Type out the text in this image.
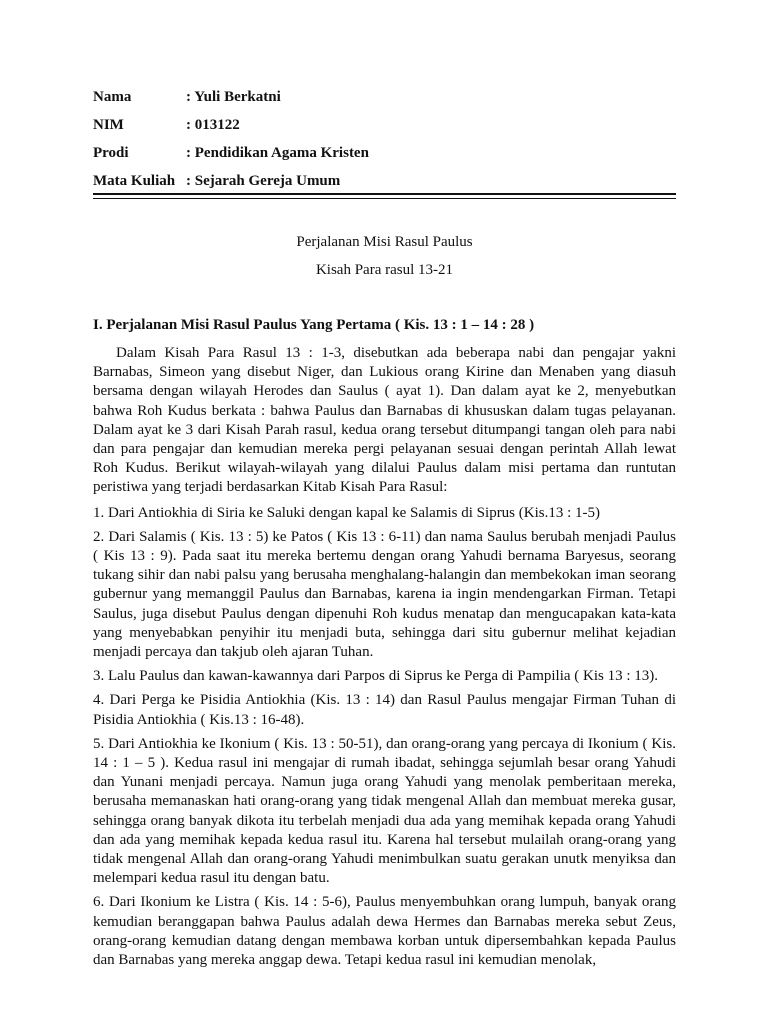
Nama	: Yuli Berkatni
NIM	: 013122
Prodi	: Pendidikan Agama Kristen
Mata Kuliah : Sejarah Gereja Umum
Perjalanan Misi Rasul Paulus
Kisah Para rasul 13-21
I. Perjalanan Misi Rasul Paulus Yang Pertama ( Kis. 13 : 1 – 14 : 28 )

Dalam Kisah Para Rasul 13 : 1-3, disebutkan ada beberapa nabi dan pengajar yakni Barnabas, Simeon yang disebut Niger, dan Lukious orang Kirine dan Menaben yang diasuh bersama dengan wilayah Herodes dan Saulus ( ayat 1). Dan dalam ayat ke 2, menyebutkan bahwa Roh Kudus berkata : bahwa Paulus dan Barnabas di khususkan dalam tugas pelayanan. Dalam ayat ke 3 dari Kisah Parah rasul, kedua orang tersebut ditumpangi tangan oleh para nabi dan para pengajar dan kemudian mereka pergi pelayanan sesuai dengan perintah Allah lewat Roh Kudus. Berikut wilayah-wilayah yang dilalui Paulus dalam misi pertama dan runtutan peristiwa yang terjadi berdasarkan Kitab Kisah Para Rasul:

1. Dari Antiokhia di Siria ke Saluki dengan kapal ke Salamis di Siprus (Kis.13 : 1-5)

2. Dari Salamis ( Kis. 13 : 5) ke Patos ( Kis 13 : 6-11) dan nama Saulus berubah menjadi Paulus ( Kis 13 : 9). Pada saat itu mereka bertemu dengan orang Yahudi bernama Baryesus, seorang tukang sihir dan nabi palsu yang berusaha menghalang-halangin dan membekokan iman seorang gubernur yang memanggil Paulus dan Barnabas, karena ia ingin mendengarkan Firman. Tetapi Saulus, juga disebut Paulus dengan dipenuhi Roh kudus menatap dan mengucapakan kata-kata yang menyebabkan penyihir itu menjadi buta, sehingga dari situ gubernur melihat kejadian menjadi percaya dan takjub oleh ajaran Tuhan.

3. Lalu Paulus dan kawan-kawannya dari Parpos di Siprus ke Perga di Pampilia ( Kis 13 : 13).

4. Dari Perga ke Pisidia Antiokhia (Kis. 13 : 14) dan Rasul Paulus mengajar Firman Tuhan di Pisidia Antiokhia ( Kis.13 : 16-48).

5. Dari Antiokhia ke Ikonium ( Kis. 13 : 50-51), dan orang-orang yang percaya di Ikonium ( Kis. 14 : 1 – 5 ). Kedua rasul ini mengajar di rumah ibadat, sehingga sejumlah besar orang Yahudi dan Yunani menjadi percaya. Namun juga orang Yahudi yang menolak pemberitaan mereka, berusaha memanaskan hati orang-orang yang tidak mengenal Allah dan membuat mereka gusar, sehingga orang banyak dikota itu terbelah menjadi dua ada yang memihak kepada orang Yahudi dan ada yang memihak kepada kedua rasul itu. Karena hal tersebut mulailah orang-orang yang tidak mengenal Allah dan orang-orang Yahudi menimbulkan suatu gerakan unutk menyiksa dan melempari kedua rasul itu dengan batu.

6. Dari Ikonium ke Listra ( Kis. 14 : 5-6), Paulus menyembuhkan orang lumpuh, banyak orang kemudian beranggapan bahwa Paulus adalah dewa Hermes dan Barnabas mereka sebut Zeus, orang-orang kemudian datang dengan membawa korban untuk dipersembahkan kepada Paulus dan Barnabas yang mereka anggap dewa. Tetapi kedua rasul ini kemudian menolak,
